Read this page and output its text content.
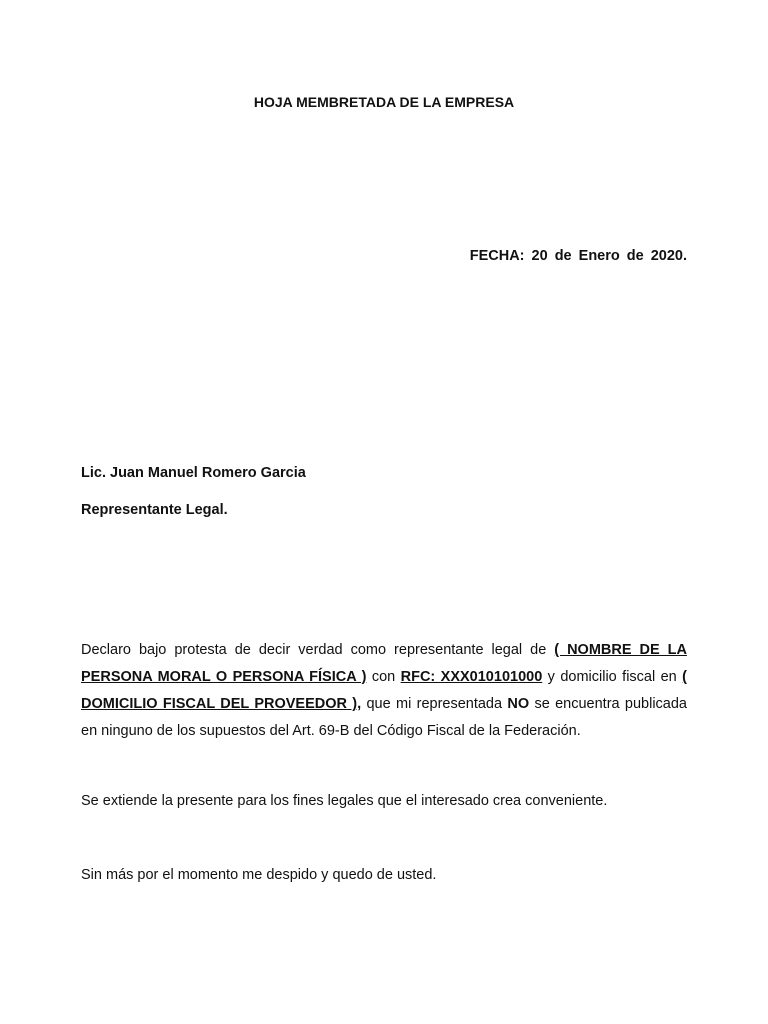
HOJA MEMBRETADA DE LA EMPRESA
FECHA: 20 de Enero de 2020.
Lic. Juan Manuel Romero Garcia
Representante Legal.

Declaro bajo protesta de decir verdad como representante legal de ( NOMBRE DE LA PERSONA MORAL O PERSONA FÍSICA ) con RFC: XXX010101000 y domicilio fiscal en ( DOMICILIO FISCAL DEL PROVEEDOR ), que mi representada NO se encuentra publicada en ninguno de los supuestos del Art. 69-B del Código Fiscal de la Federación.

Se extiende la presente para los fines legales que el interesado crea conveniente.
Sin más por el momento me despido y quedo de usted.
